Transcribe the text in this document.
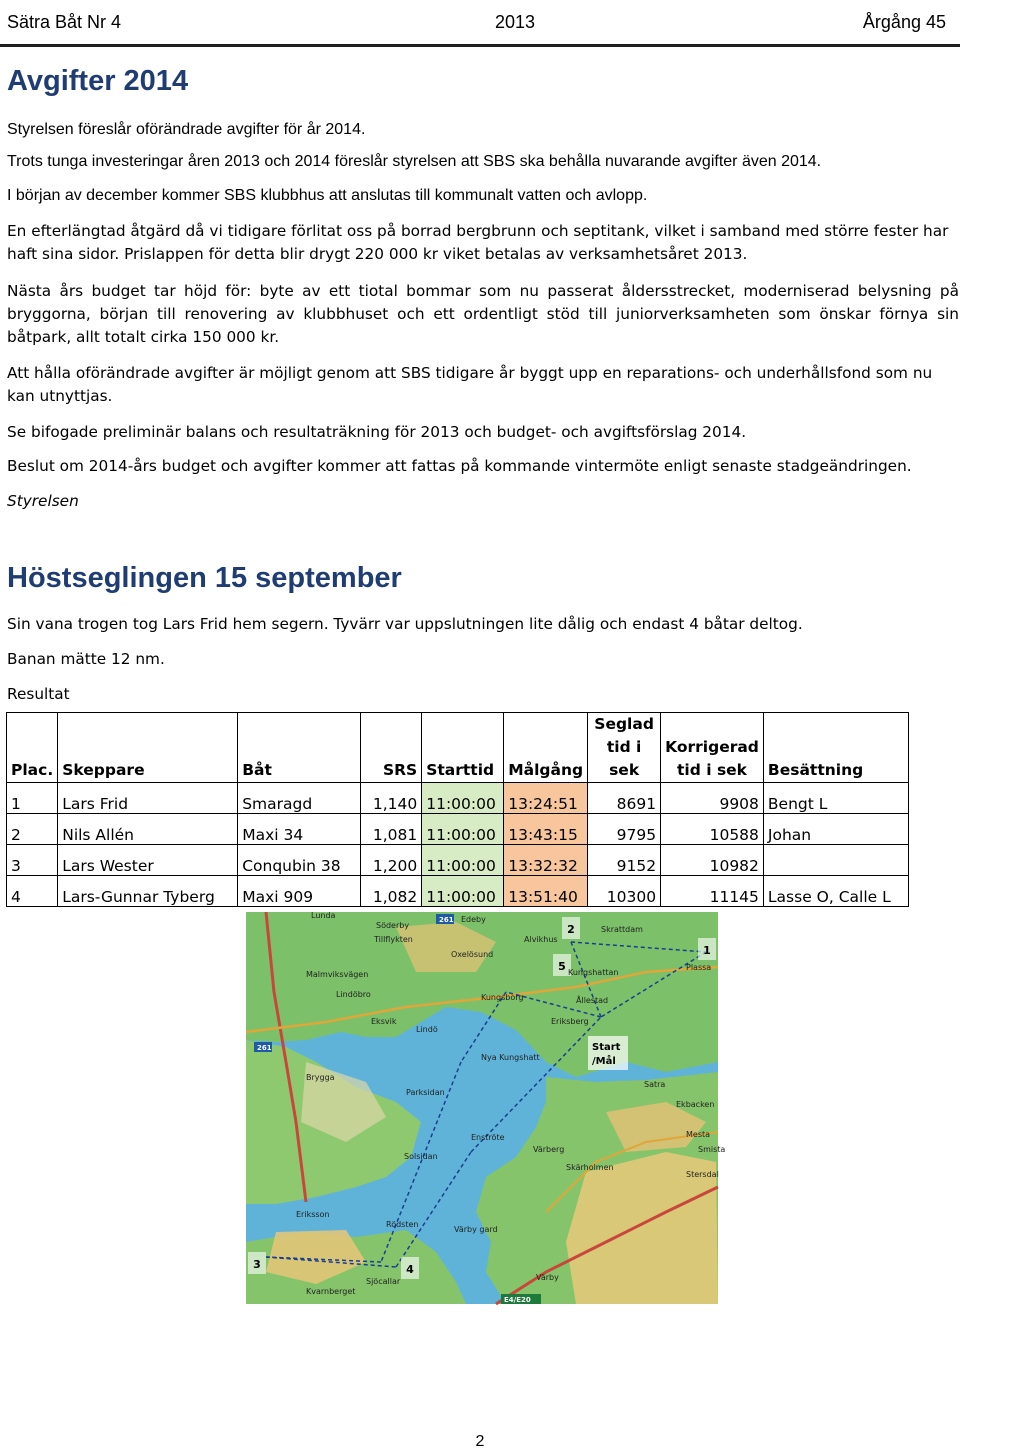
Sätra Båt Nr 4	2013	Årgång 45
Avgifter 2014

Styrelsen föreslår oförändrade avgifter för år 2014.

Trots tunga investeringar åren 2013 och 2014 föreslår styrelsen att SBS ska behålla nuvarande avgifter även 2014.

I början av december kommer SBS klubbhus att anslutas till kommunalt vatten och avlopp.

En efterlängtad åtgärd då vi tidigare förlitat oss på borrad bergbrunn och septitank, vilket i samband med större fester har haft sina sidor. Prislappen för detta blir drygt 220 000 kr viket betalas av verksamhetsåret 2013.

Nästa års budget tar höjd för: byte av ett tiotal bommar som nu passerat åldersstrecket, moderniserad belysning på bryggorna, början till renovering av klubbhuset och ett ordentligt stöd till juniorverksamheten som önskar förnya sin båtpark, allt totalt cirka 150 000 kr.

Att hålla oförändrade avgifter är möjligt genom att SBS tidigare år byggt upp en reparations- och underhållsfond som nu kan utnyttjas.

Se bifogade preliminär balans och resultaträkning för 2013 och budget- och avgiftsförslag 2014.

Beslut om 2014-års budget och avgifter kommer att fattas på kommande vintermöte enligt senaste stadgeändringen.

Styrelsen

Höstseglingen 15 september

Sin vana trogen tog Lars Frid hem segern. Tyvärr var uppslutningen lite dålig och endast 4 båtar deltog.

Banan mätte 12 nm.

Resultat

Plac.	Skeppare	Båt	SRS	Starttid	Målgång	Seglad tid i sek	Korrigerad tid i sek	Besättning
1	Lars Frid	Smaragd	1,140	11:00:00	13:24:51	8691	9908	Bengt L
2	Nils Allén	Maxi 34	1,081	11:00:00	13:43:15	9795	10588	Johan
3	Lars Wester	Conqubin 38	1,200	11:00:00	13:32:32	9152	10982	
4	Lars-Gunnar Tyberg	Maxi 909	1,082	11:00:00	13:51:40	10300	11145	Lasse O, Calle L
1
2
3	4
5
Start
/Mål
Lunda
Söderby
Edeby
Skrattdam
Alvikhus
Kungshattan
Plassa
Tillflykten
Oxelösund
Kungsborg
Malmviksvägen
Lindöbro
Eksvik
Lindö
Eriksberg
Ållestad
Nya Kungshatt
Brygga
Parksidan
Satra
Ekbacken
Mesta
Smista
Stersdal
Enströte
Solsidan
Värberg
Skärholmen
Eriksson
Rödsten
Värby gard
Sjöcallar
Kvarnberget
Värby
261
261
E4/E20
2
